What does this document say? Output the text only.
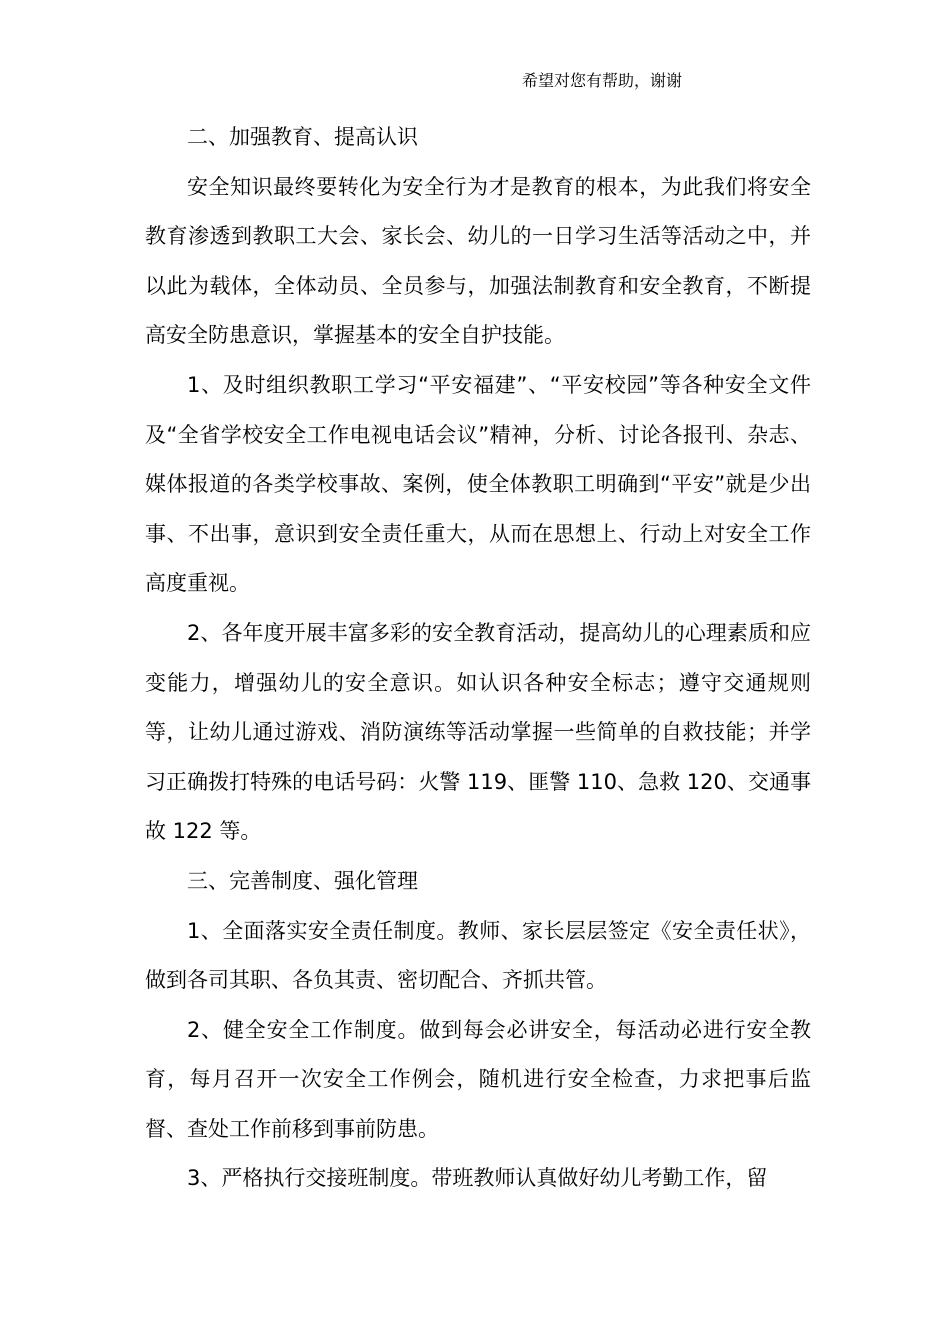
希望对您有帮助，谢谢

二、加强教育、提高认识

安全知识最终要转化为安全行为才是教育的根本，为此我们将安全教育渗透到教职工大会、家长会、幼儿的一日学习生活等活动之中，并以此为载体，全体动员、全员参与，加强法制教育和安全教育，不断提高安全防患意识，掌握基本的安全自护技能。

1、及时组织教职工学习“平安福建”、“平安校园”等各种安全文件及“全省学校安全工作电视电话会议”精神，分析、讨论各报刊、杂志、媒体报道的各类学校事故、案例，使全体教职工明确到“平安”就是少出事、不出事，意识到安全责任重大，从而在思想上、行动上对安全工作高度重视。

2、各年度开展丰富多彩的安全教育活动，提高幼儿的心理素质和应变能力，增强幼儿的安全意识。如认识各种安全标志；遵守交通规则等，让幼儿通过游戏、消防演练等活动掌握一些简单的自救技能；并学习正确拨打特殊的电话号码：火警 119、匪警 110、急救 120、交通事故 122 等。

三、完善制度、强化管理

1、全面落实安全责任制度。教师、家长层层签定《安全责任状》，做到各司其职、各负其责、密切配合、齐抓共管。

2、健全安全工作制度。做到每会必讲安全，每活动必进行安全教育，每月召开一次安全工作例会，随机进行安全检查，力求把事后监督、查处工作前移到事前防患。

3、严格执行交接班制度。带班教师认真做好幼儿考勤工作，留
